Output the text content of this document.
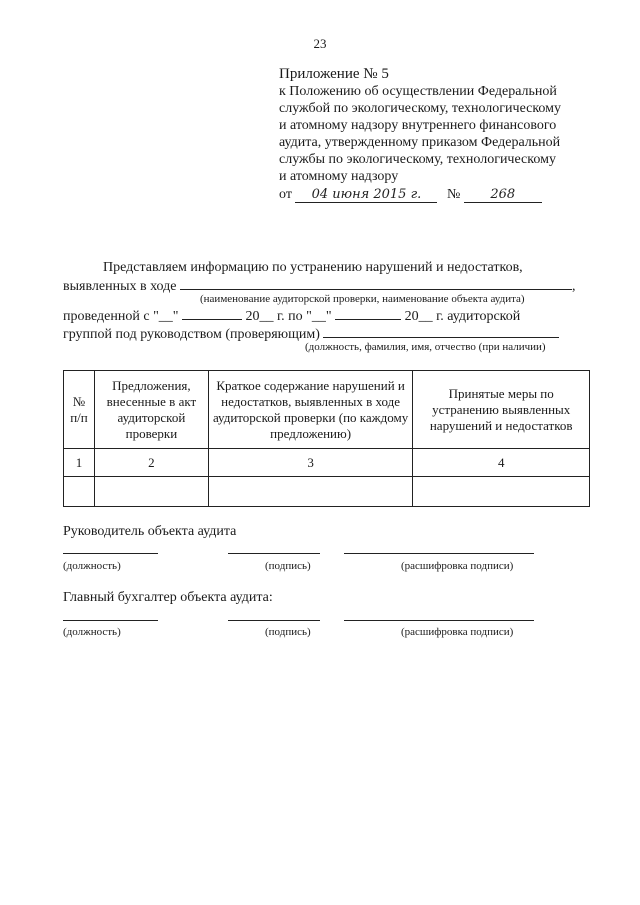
23
Приложение № 5
к Положению об осуществлении Федеральной
службой по экологическому, технологическому
и атомному надзору внутреннего финансового
аудита, утвержденному приказом Федеральной
службы по экологическому, технологическому
и атомному надзору
от 04 июня 2015 г. № 268
Представляем информацию по устранению нарушений и недостатков,
выявленных в ходе	,
(наименование аудиторской проверки, наименование объекта аудита)
проведенной с "__"	20__ г. по "__"	20__ г. аудиторской
группой под руководством (проверяющим)
(должность, фамилия, имя, отчество (при наличии)
№ п/п	Предложения, внесенные в акт аудиторской проверки	Краткое содержание нарушений и недостатков, выявленных в ходе аудиторской проверки (по каждому предложению)	Принятые меры по устранению выявленных нарушений и недостатков
1	2	3	4

Руководитель объекта аудита
(должность)	(подпись)	(расшифровка подписи)
Главный бухгалтер объекта аудита:
(должность)	(подпись)	(расшифровка подписи)
